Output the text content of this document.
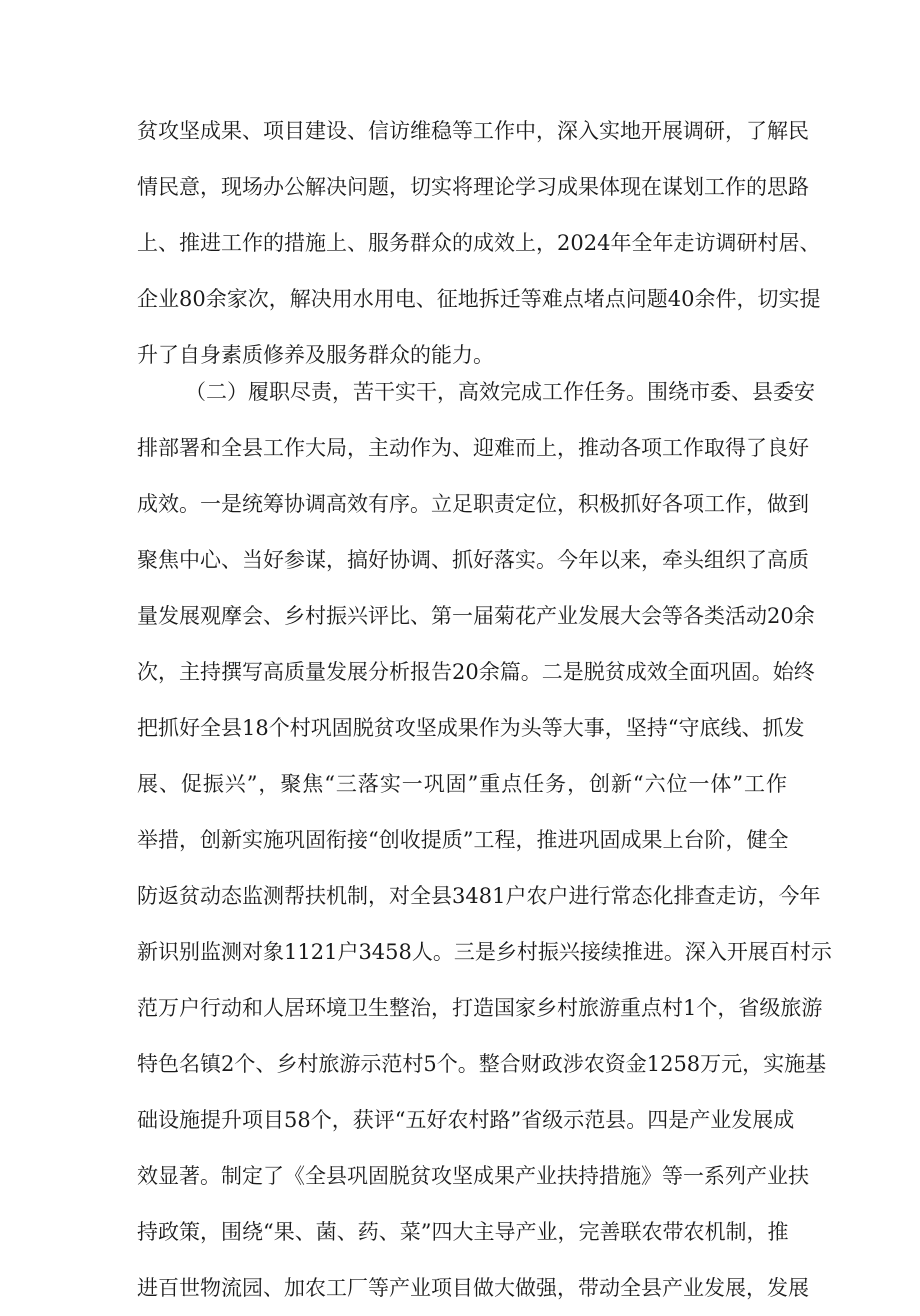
贫攻坚成果、项目建设、信访维稳等工作中，深入实地开展调研，了解民
情民意，现场办公解决问题，切实将理论学习成果体现在谋划工作的思路
上、推进工作的措施上、服务群众的成效上，2024年全年走访调研村居、
企业80余家次，解决用水用电、征地拆迁等难点堵点问题40余件，切实提
升了自身素质修养及服务群众的能力。
（二）履职尽责，苦干实干，高效完成工作任务。围绕市委、县委安
排部署和全县工作大局，主动作为、迎难而上，推动各项工作取得了良好
成效。一是统筹协调高效有序。立足职责定位，积极抓好各项工作，做到
聚焦中心、当好参谋，搞好协调、抓好落实。今年以来，牵头组织了高质
量发展观摩会、乡村振兴评比、第一届菊花产业发展大会等各类活动20余
次，主持撰写高质量发展分析报告20余篇。二是脱贫成效全面巩固。始终
把抓好全县18个村巩固脱贫攻坚成果作为头等大事，坚持“守底线、抓发
展、促振兴”，聚焦“三落实一巩固”重点任务，创新“六位一体”工作
举措，创新实施巩固衔接“创收提质”工程，推进巩固成果上台阶，健全
防返贫动态监测帮扶机制，对全县3481户农户进行常态化排查走访，今年
新识别监测对象1121户3458人。三是乡村振兴接续推进。深入开展百村示
范万户行动和人居环境卫生整治，打造国家乡村旅游重点村1个，省级旅游
特色名镇2个、乡村旅游示范村5个。整合财政涉农资金1258万元，实施基
础设施提升项目58个，获评“五好农村路”省级示范县。四是产业发展成
效显著。制定了《全县巩固脱贫攻坚成果产业扶持措施》等一系列产业扶
持政策，围绕“果、菌、药、菜”四大主导产业，完善联农带农机制，推
进百世物流园、加农工厂等产业项目做大做强，带动全县产业发展，发展
